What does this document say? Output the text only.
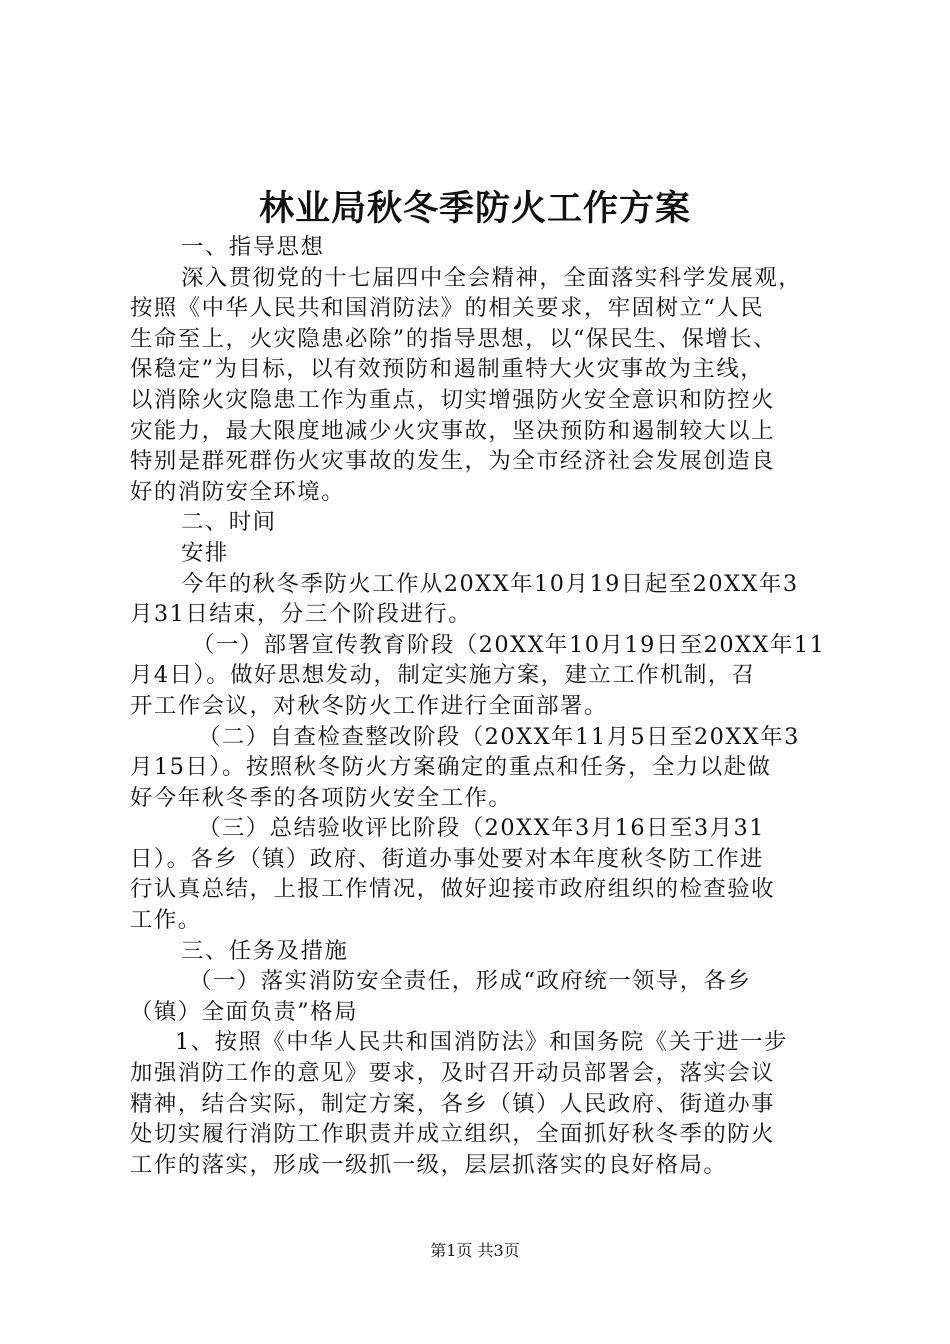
林业局秋冬季防火工作方案
一、指导思想
深入贯彻党的十七届四中全会精神，全面落实科学发展观，
按照《中华人民共和国消防法》的相关要求，牢固树立“人民
生命至上，火灾隐患必除”的指导思想，以“保民生、保增长、
保稳定”为目标，以有效预防和遏制重特大火灾事故为主线，
以消除火灾隐患工作为重点，切实增强防火安全意识和防控火
灾能力，最大限度地减少火灾事故，坚决预防和遏制较大以上
特别是群死群伤火灾事故的发生，为全市经济社会发展创造良
好的消防安全环境。
二、时间
安排
今年的秋冬季防火工作从20XX年10月19日起至20XX年3
月31日结束，分三个阶段进行。
（一）部署宣传教育阶段（20XX年10月19日至20XX年11
月4日）。做好思想发动，制定实施方案，建立工作机制，召
开工作会议，对秋冬防火工作进行全面部署。
（二）自查检查整改阶段（20XX年11月5日至20XX年3
月15日）。按照秋冬防火方案确定的重点和任务，全力以赴做
好今年秋冬季的各项防火安全工作。
（三）总结验收评比阶段（20XX年3月16日至3月31
日）。各乡（镇）政府、街道办事处要对本年度秋冬防工作进
行认真总结，上报工作情况，做好迎接市政府组织的检查验收
工作。
三、任务及措施
（一）落实消防安全责任，形成“政府统一领导，各乡
（镇）全面负责”格局
1、按照《中华人民共和国消防法》和国务院《关于进一步
加强消防工作的意见》要求，及时召开动员部署会，落实会议
精神，结合实际，制定方案，各乡（镇）人民政府、街道办事
处切实履行消防工作职责并成立组织，全面抓好秋冬季的防火
工作的落实，形成一级抓一级，层层抓落实的良好格局。
第1页 共3页
